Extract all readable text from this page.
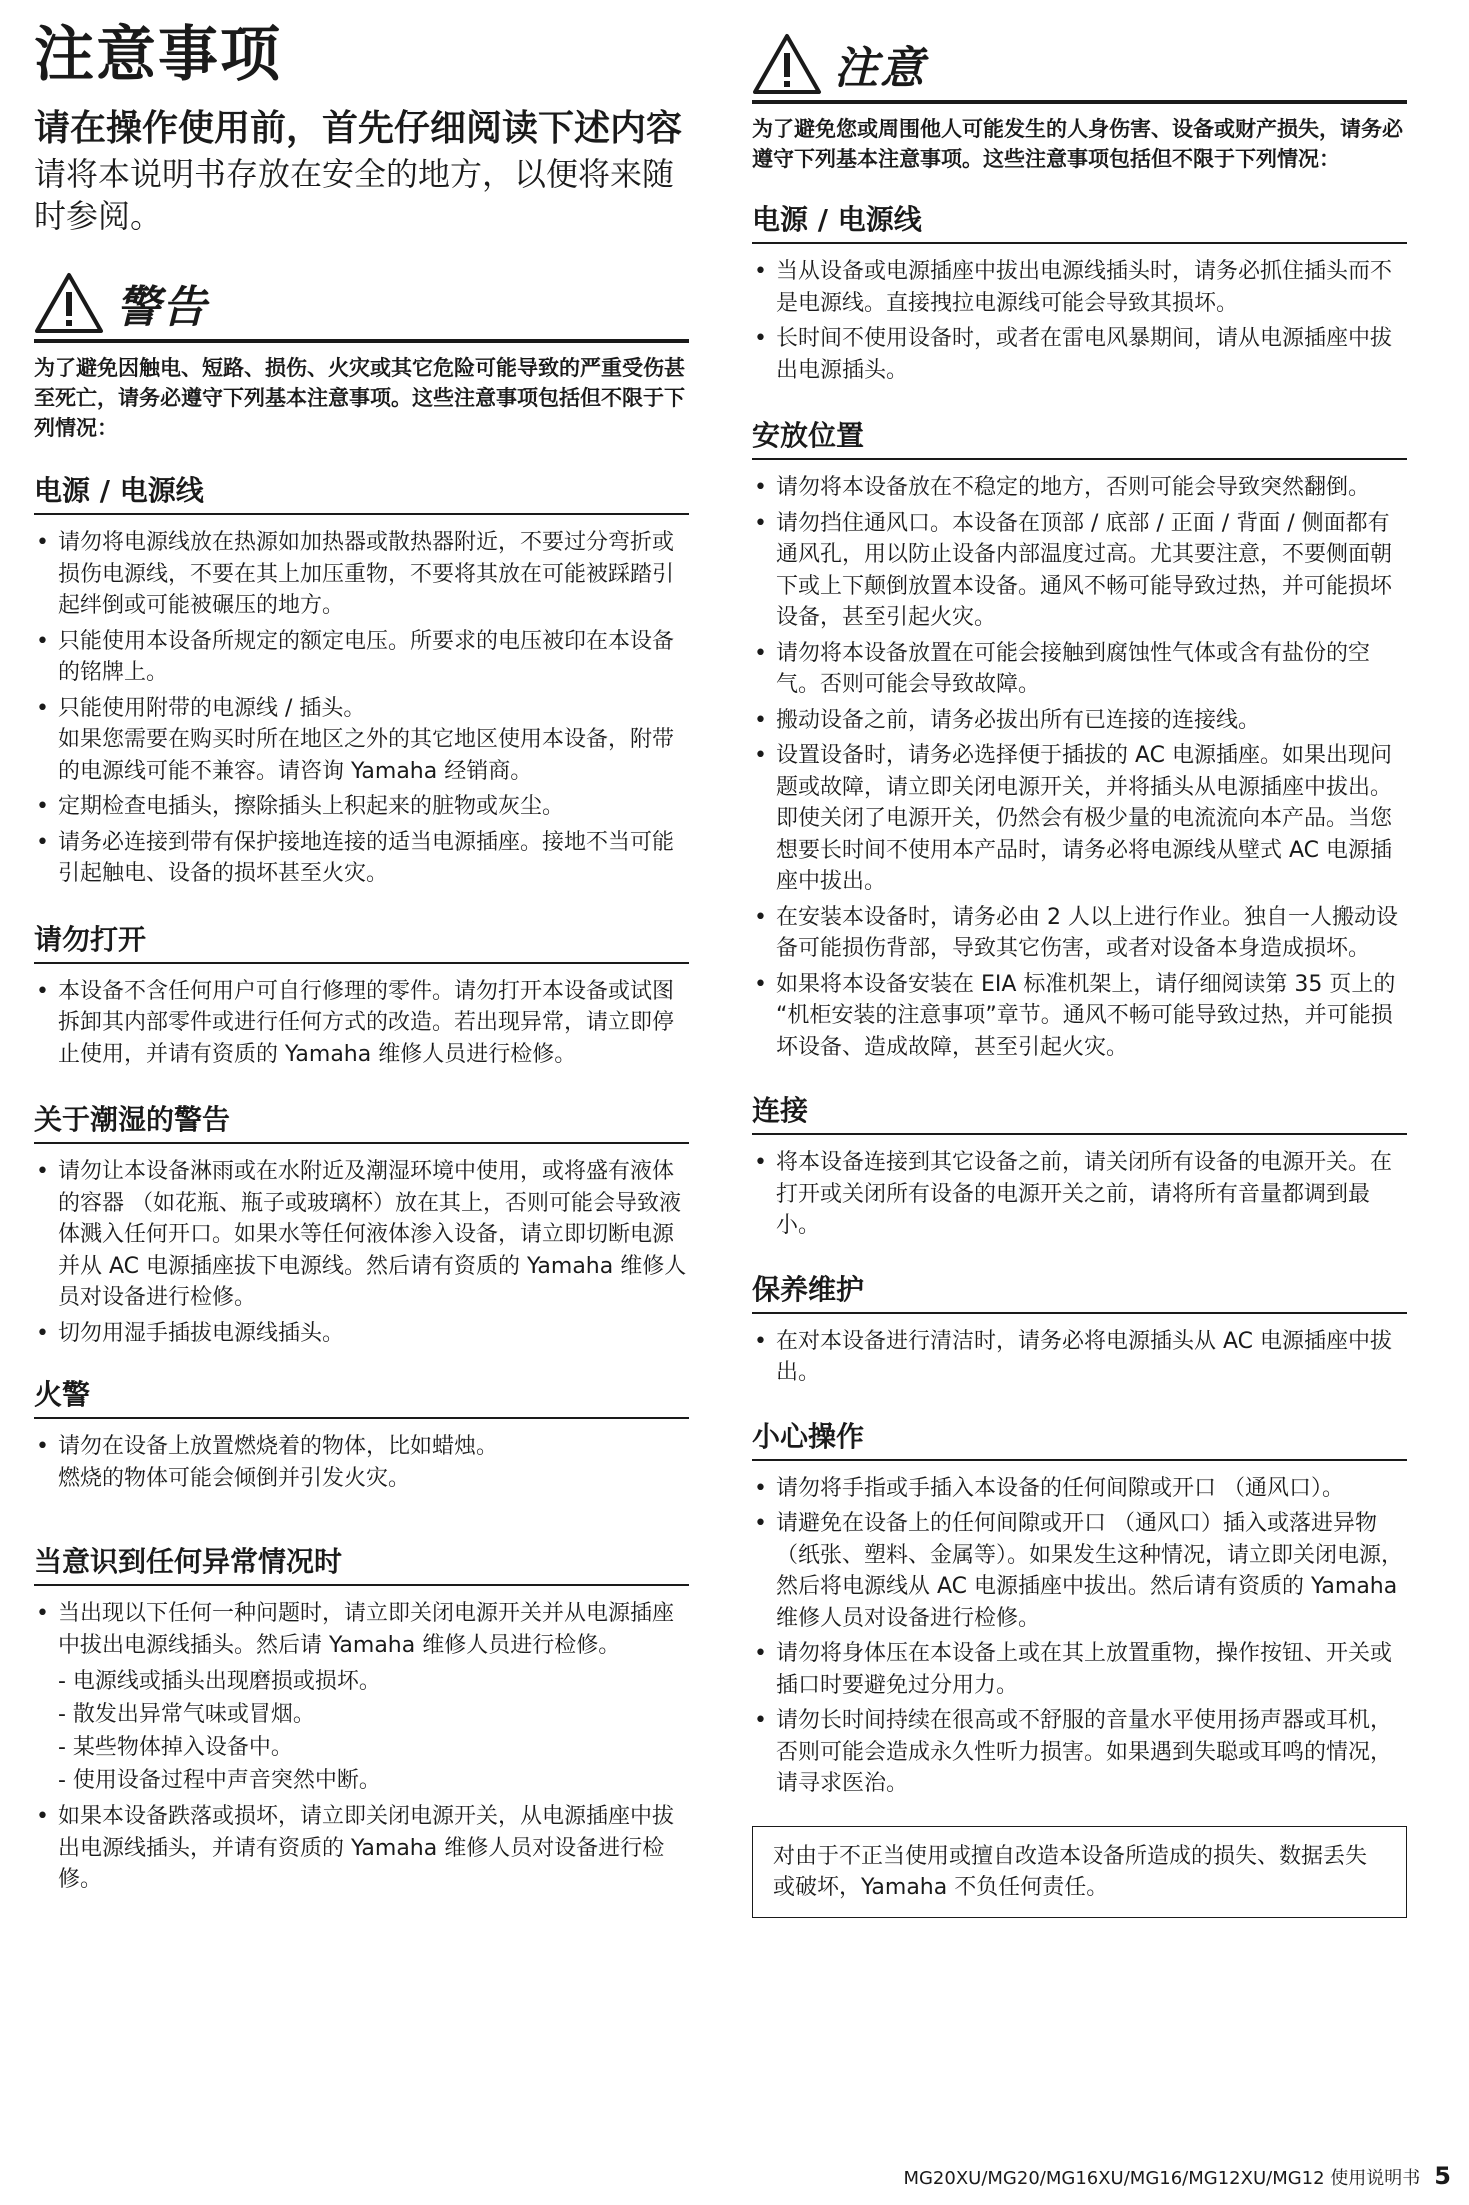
注意事项

请在操作使用前，首先仔细阅读下述内容

请将本说明书存放在安全的地方，以便将来随时参阅。

警告

为了避免因触电、短路、损伤、火灾或其它危险可能导致的严重受伤甚至死亡，请务必遵守下列基本注意事项。这些注意事项包括但不限于下列情况：

电源 / 电源线
• 请勿将电源线放在热源如加热器或散热器附近，不要过分弯折或损伤电源线，不要在其上加压重物，不要将其放在可能被踩踏引起绊倒或可能被碾压的地方。
• 只能使用本设备所规定的额定电压。所要求的电压被印在本设备的铭牌上。
• 只能使用附带的电源线 / 插头。
如果您需要在购买时所在地区之外的其它地区使用本设备，附带的电源线可能不兼容。请咨询 Yamaha 经销商。
• 定期检查电插头，擦除插头上积起来的脏物或灰尘。
• 请务必连接到带有保护接地连接的适当电源插座。接地不当可能引起触电、设备的损坏甚至火灾。
请勿打开
• 本设备不含任何用户可自行修理的零件。请勿打开本设备或试图拆卸其内部零件或进行任何方式的改造。若出现异常，请立即停止使用，并请有资质的 Yamaha 维修人员进行检修。
关于潮湿的警告
• 请勿让本设备淋雨或在水附近及潮湿环境中使用，或将盛有液体的容器 （如花瓶、瓶子或玻璃杯）放在其上，否则可能会导致液体溅入任何开口。如果水等任何液体渗入设备，请立即切断电源并从 AC 电源插座拔下电源线。然后请有资质的 Yamaha 维修人员对设备进行检修。
• 切勿用湿手插拔电源线插头。
火警
• 请勿在设备上放置燃烧着的物体，比如蜡烛。
燃烧的物体可能会倾倒并引发火灾。
当意识到任何异常情况时
• 当出现以下任何一种问题时，请立即关闭电源开关并从电源插座中拔出电源线插头。然后请 Yamaha 维修人员进行检修。
- 电源线或插头出现磨损或损坏。
- 散发出异常气味或冒烟。
- 某些物体掉入设备中。
- 使用设备过程中声音突然中断。
• 如果本设备跌落或损坏，请立即关闭电源开关，从电源插座中拔出电源线插头，并请有资质的 Yamaha 维修人员对设备进行检修。
注意

为了避免您或周围他人可能发生的人身伤害、设备或财产损失，请务必遵守下列基本注意事项。这些注意事项包括但不限于下列情况：

电源 / 电源线
• 当从设备或电源插座中拔出电源线插头时，请务必抓住插头而不是电源线。直接拽拉电源线可能会导致其损坏。
• 长时间不使用设备时，或者在雷电风暴期间，请从电源插座中拔出电源插头。
安放位置
• 请勿将本设备放在不稳定的地方，否则可能会导致突然翻倒。
• 请勿挡住通风口。本设备在顶部 / 底部 / 正面 / 背面 / 侧面都有通风孔，用以防止设备内部温度过高。尤其要注意，不要侧面朝下或上下颠倒放置本设备。通风不畅可能导致过热，并可能损坏设备，甚至引起火灾。
• 请勿将本设备放置在可能会接触到腐蚀性气体或含有盐份的空气。否则可能会导致故障。
• 搬动设备之前，请务必拔出所有已连接的连接线。
• 设置设备时，请务必选择便于插拔的 AC 电源插座。如果出现问题或故障，请立即关闭电源开关，并将插头从电源插座中拔出。即使关闭了电源开关，仍然会有极少量的电流流向本产品。当您想要长时间不使用本产品时，请务必将电源线从壁式 AC 电源插座中拔出。
• 在安装本设备时，请务必由 2 人以上进行作业。独自一人搬动设备可能损伤背部，导致其它伤害，或者对设备本身造成损坏。
• 如果将本设备安装在 EIA 标准机架上，请仔细阅读第 35 页上的 “机柜安装的注意事项”章节。通风不畅可能导致过热，并可能损坏设备、造成故障，甚至引起火灾。
连接
• 将本设备连接到其它设备之前，请关闭所有设备的电源开关。在打开或关闭所有设备的电源开关之前，请将所有音量都调到最小。
保养维护
• 在对本设备进行清洁时，请务必将电源插头从 AC 电源插座中拔出。
小心操作
• 请勿将手指或手插入本设备的任何间隙或开口 （通风口）。
• 请避免在设备上的任何间隙或开口 （通风口）插入或落进异物 （纸张、塑料、金属等）。如果发生这种情况，请立即关闭电源，然后将电源线从 AC 电源插座中拔出。然后请有资质的 Yamaha 维修人员对设备进行检修。
• 请勿将身体压在本设备上或在其上放置重物，操作按钮、开关或插口时要避免过分用力。
• 请勿长时间持续在很高或不舒服的音量水平使用扬声器或耳机，否则可能会造成永久性听力损害。如果遇到失聪或耳鸣的情况，请寻求医治。
对由于不正当使用或擅自改造本设备所造成的损失、数据丢失或破坏，Yamaha 不负任何责任。
MG20XU/MG20/MG16XU/MG16/MG12XU/MG12 使用说明书 5
